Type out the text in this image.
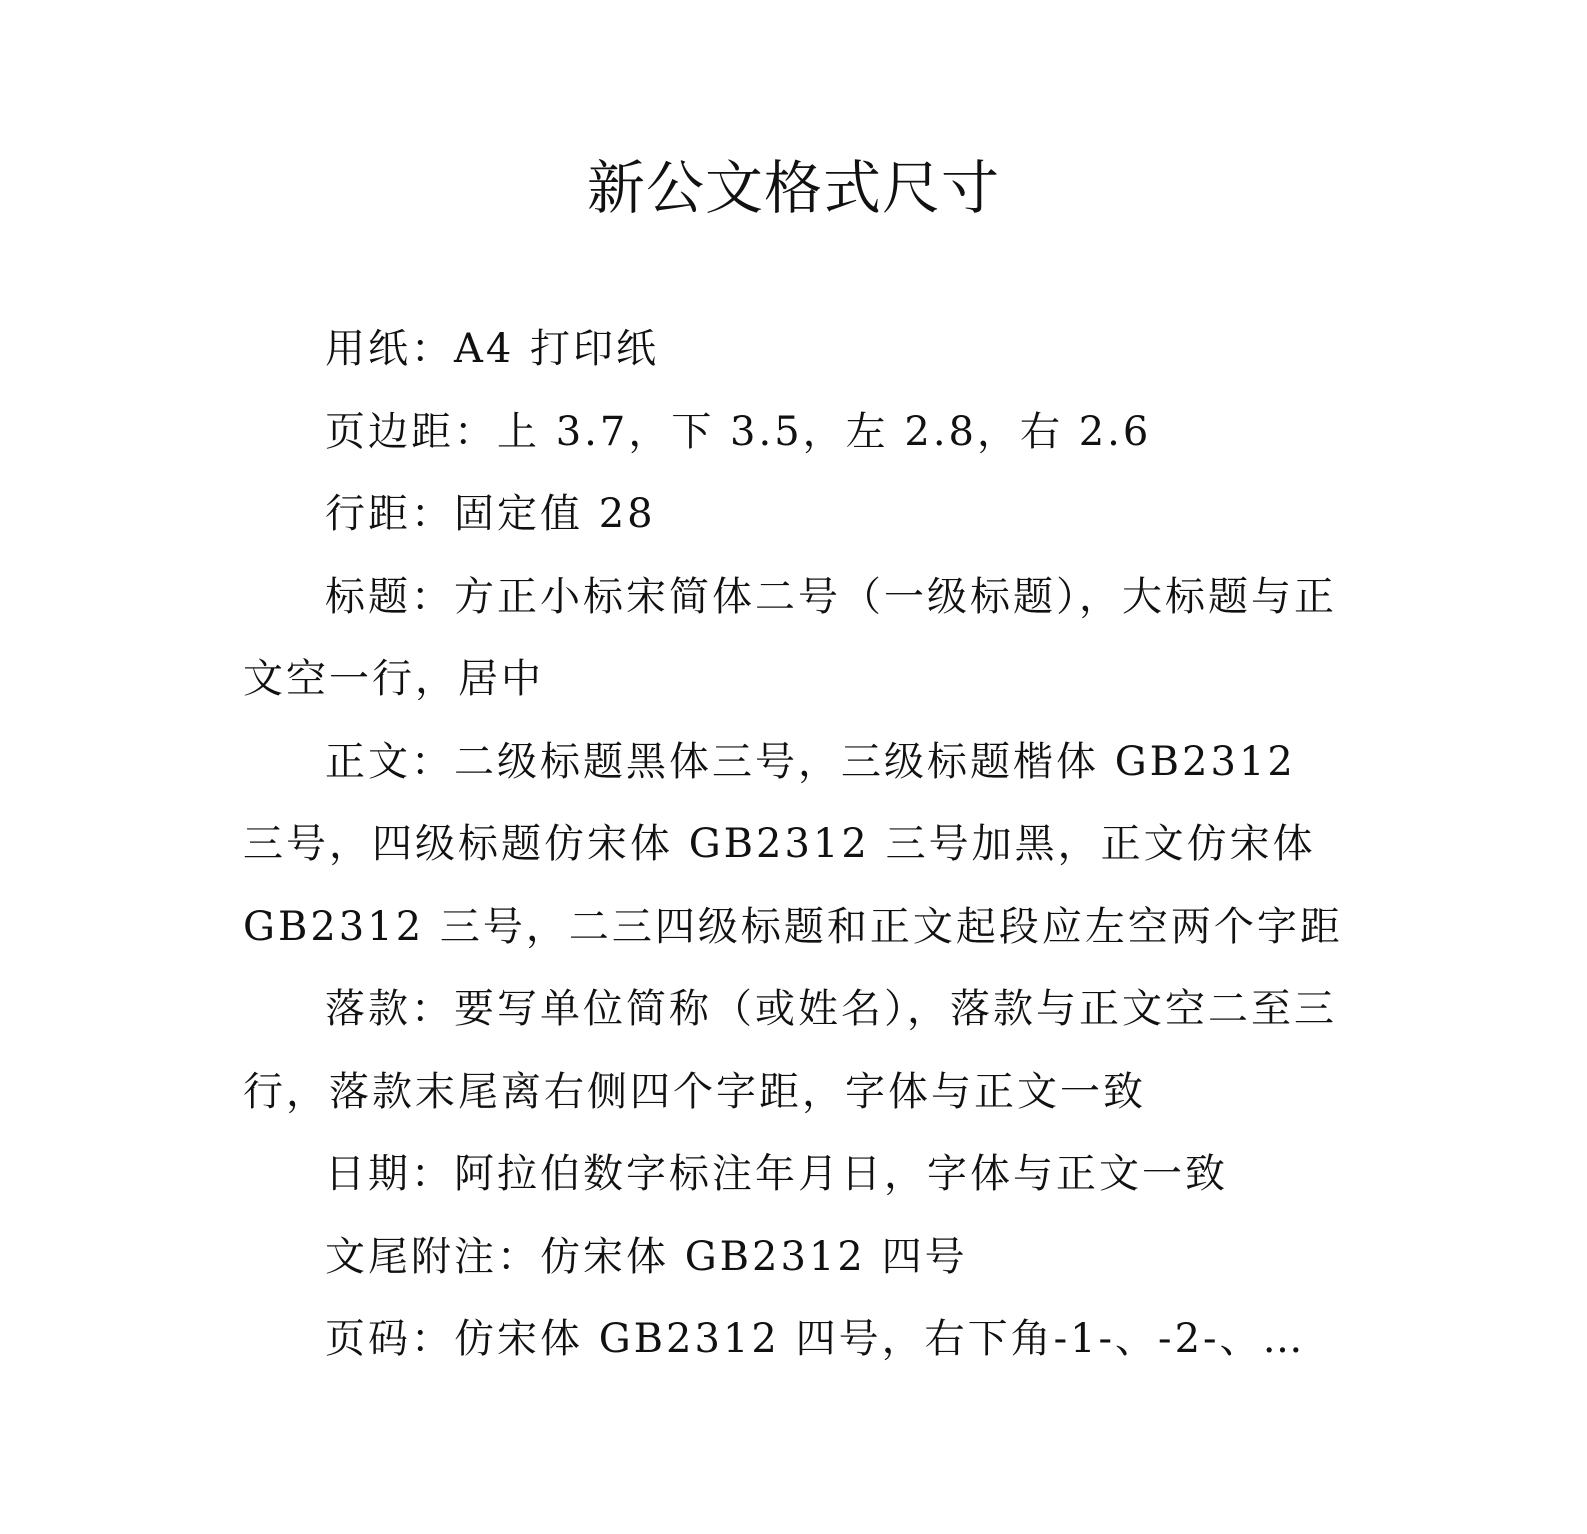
新公文格式尺寸

用纸：A4 打印纸

页边距：上 3.7，下 3.5，左 2.8，右 2.6

行距：固定值 28

标题：方正小标宋简体二号（一级标题），大标题与正文空一行，居中

正文：二级标题黑体三号，三级标题楷体 GB2312 三号，四级标题仿宋体 GB2312 三号加黑，正文仿宋体 GB2312 三号，二三四级标题和正文起段应左空两个字距

落款：要写单位简称（或姓名），落款与正文空二至三行，落款末尾离右侧四个字距，字体与正文一致

日期：阿拉伯数字标注年月日，字体与正文一致

文尾附注：仿宋体 GB2312 四号

页码：仿宋体 GB2312 四号，右下角-1-、-2-、…
